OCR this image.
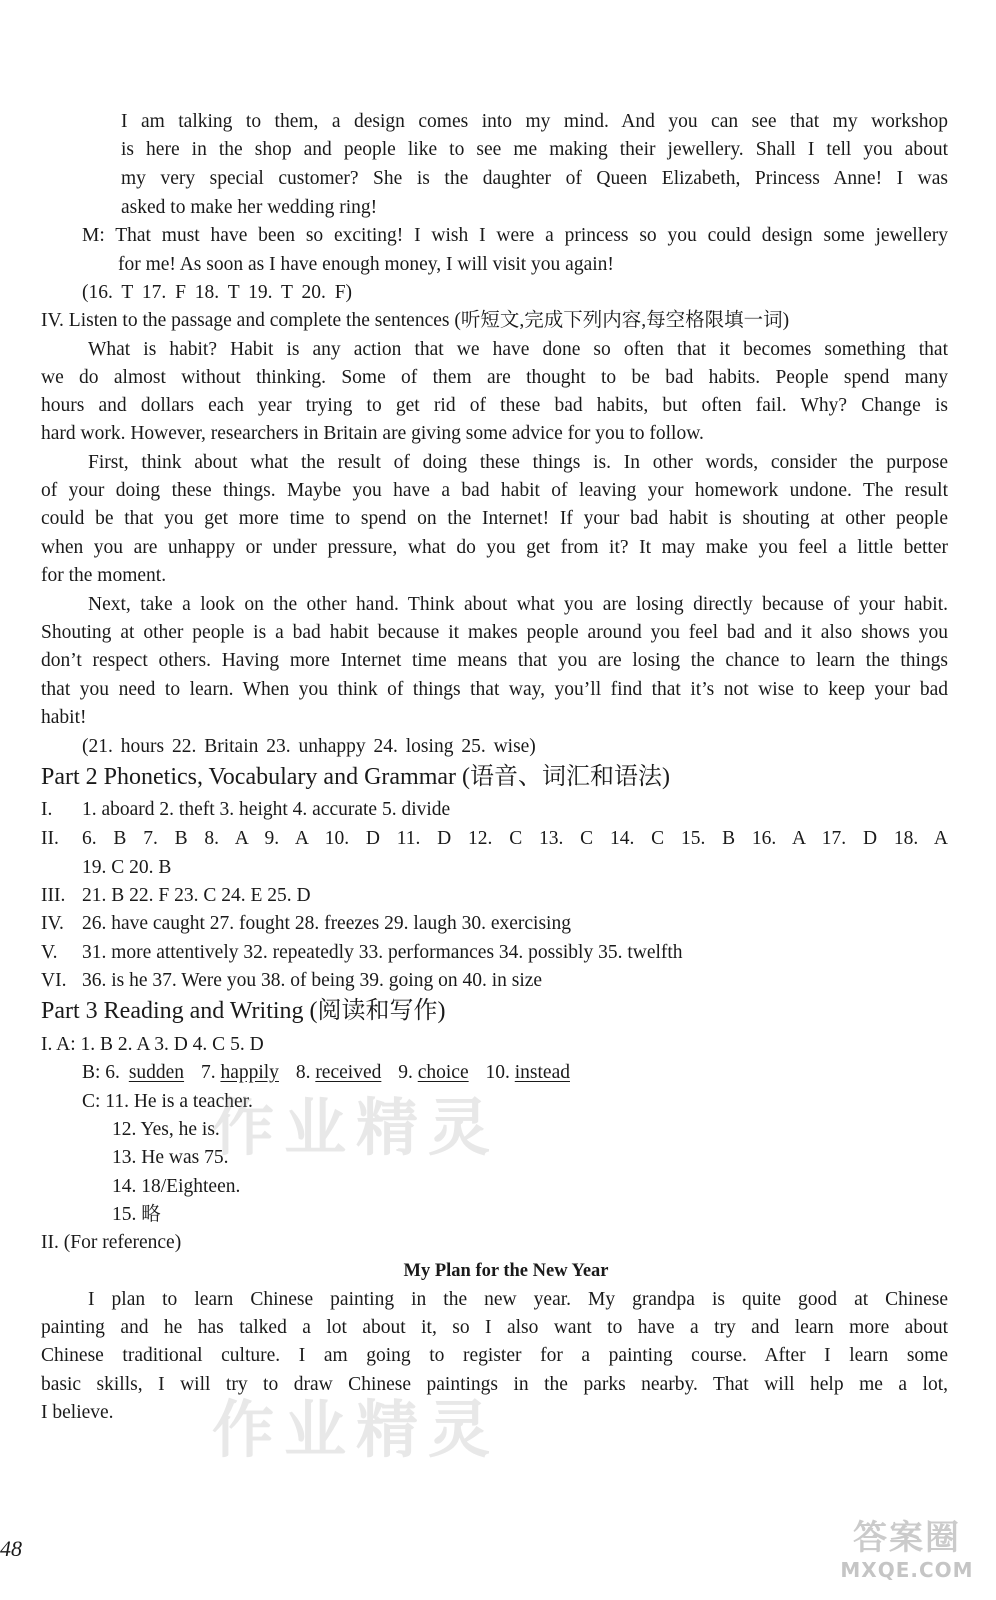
I am talking to them, a design comes into my mind. And you can see that my workshop
is here in the shop and people like to see me making their jewellery. Shall I tell you about
my very special customer? She is the daughter of Queen Elizabeth, Princess Anne! I was
asked to make her wedding ring!
M: That must have been so exciting! I wish I were a princess so you could design some jewellery
for me! As soon as I have enough money, I will visit you again!
(16. T 17. F 18. T 19. T 20. F)
IV. Listen to the passage and complete the sentences (听短文,完成下列内容,每空格限填一词)
What is habit? Habit is any action that we have done so often that it becomes something that
we do almost without thinking. Some of them are thought to be bad habits. People spend many
hours and dollars each year trying to get rid of these bad habits, but often fail. Why? Change is
hard work. However, researchers in Britain are giving some advice for you to follow.
First, think about what the result of doing these things is. In other words, consider the purpose
of your doing these things. Maybe you have a bad habit of leaving your homework undone. The result
could be that you get more time to spend on the Internet! If your bad habit is shouting at other people
when you are unhappy or under pressure, what do you get from it? It may make you feel a little better
for the moment.
Next, take a look on the other hand. Think about what you are losing directly because of your habit.
Shouting at other people is a bad habit because it makes people around you feel bad and it also shows you
don’t respect others. Having more Internet time means that you are losing the chance to learn the things
that you need to learn. When you think of things that way, you’ll find that it’s not wise to keep your bad
habit!
(21. hours 22. Britain 23. unhappy 24. losing 25. wise)
Part 2 Phonetics, Vocabulary and Grammar (语音、词汇和语法)
I. 1. aboard 2. theft 3. height 4. accurate 5. divide
II. 6. B 7. B 8. A 9. A 10. D 11. D 12. C 13. C 14. C 15. B 16. A 17. D 18. A
19. C 20. B
III. 21. B 22. F 23. C 24. E 25. D
IV. 26. have caught 27. fought 28. freezes 29. laugh 30. exercising
V. 31. more attentively 32. repeatedly 33. performances 34. possibly 35. twelfth
VI. 36. is he 37. Were you 38. of being 39. going on 40. in size
Part 3 Reading and Writing (阅读和写作)
I. A: 1. B 2. A 3. D 4. C 5. D
B: 6. sudden 7. happily 8. received 9. choice 10. instead
C: 11. He is a teacher.
12. Yes, he is.
13. He was 75.
14. 18/Eighteen.
15. 略
II. (For reference)
My Plan for the New Year
I plan to learn Chinese painting in the new year. My grandpa is quite good at Chinese
painting and he has talked a lot about it, so I also want to have a try and learn more about
Chinese traditional culture. I am going to register for a painting course. After I learn some
basic skills, I will try to draw Chinese paintings in the parks nearby. That will help me a lot,
I believe.
作业精灵
作业精灵
48	答案圈
MXQE.COM
